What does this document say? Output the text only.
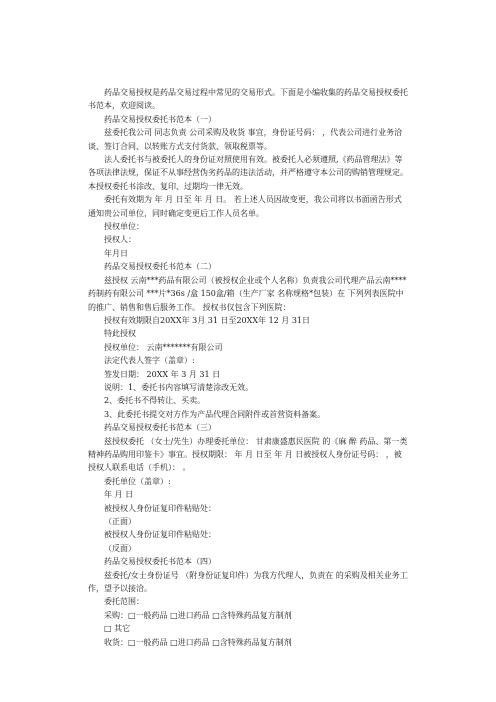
药品交易授权是药品交易过程中常见的交易形式。下面是小编收集的药品交易授权委托书范本，欢迎阅读。

药品交易授权委托书范本（一）

兹委托我公司 同志负责 公司采购及收货 事宜，身份证号码： ，代表公司进行业务洽谈、签订合同、以转账方式支付货款、领取税票等。

法人委托书与被委托人的身份证对照使用有效。被委托人必须遵照,《药品管理法》等各项法律法规，保证不从事经营伪劣药品的违法活动，并严格遵守本公司的购销管理规定。本授权委托书涂改、复印、过期均一律无效。

委托有效期为 年 月 日至 年 月 日。 若上述人员因故变更，我公司将以书面函告形式通知贵公司单位，同时确定变更后工作人员名单。

授权单位：

授权人：

年月日

药品交易授权委托书范本（二）

兹授权 云南***药品有限公司（被授权企业或个人名称）负责我公司代理产品云南****药制药有限公司 ***片*36s /盒 150盒/箱（生产厂家 名称规格*包装）在 下列列表医院中的推广、销售和售后服务工作。 授权书仅包含下列医院：

授权有效期限自20XX年 3月 31 日至20XX年 12 月 31日

特此授权

授权单位： 云南*******有限公司

法定代表人签字（盖章）:

签发日期： 20XX 年 3 月 31 日

说明：1、委托书内容填写清楚涂改无效。

2、委托书不得转让、买卖。

3、此委托书提交对方作为产品代理合同附件或首营资料备案。

药品交易授权委托书范本（三）

兹授权委托 （女士/先生）办理委托单位： 甘肃康盛惠民医院 的《麻 醉 药品、第一类精神药品购用印鉴卡》事宜。授权期限： 年 月 日至 年 月 日被授权人身份证号码： ，被授权人联系电话（手机）： 。

委托单位（盖章）:

年 月 日

被授权人身份证复印件粘贴处：

（正面）

被授权人身份证复印件粘贴处：

（反面）

药品交易授权委托书范本（四）

兹委托/女士身份证号 （附身份证复印件）为我方代理人，负责在 的采购及相关业务工作，望予以接洽。

委托范围：

采购：□一般药品 □进口药品 □含特殊药品复方制剂

□ 其它

收货：□一般药品 □进口药品 □含特殊药品复方制剂
